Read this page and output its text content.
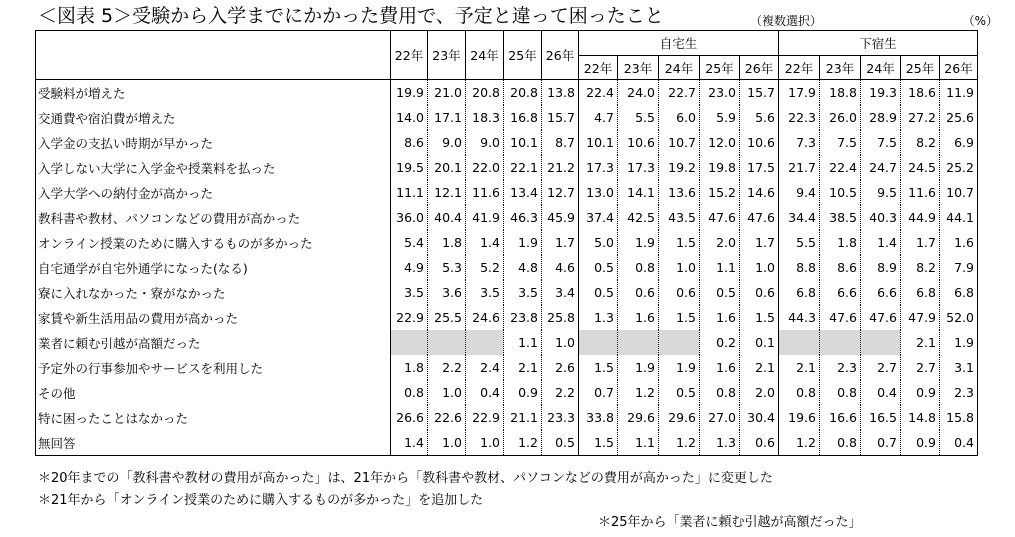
＜図表 5＞受験から入学までにかかった費用で、予定と違って困ったこと	（複数選択）	（%）
	22年	23年	24年	25年	26年	自宅生					下宿生				
						22年	23年	24年	25年	26年	22年	23年	24年	25年	26年
受験料が増えた	19.9	21.0	20.8	20.8	13.8	22.4	24.0	22.7	23.0	15.7	17.9	18.8	19.3	18.6	11.9
交通費や宿泊費が増えた	14.0	17.1	18.3	16.8	15.7	4.7	5.5	6.0	5.9	5.6	22.3	26.0	28.9	27.2	25.6
入学金の支払い時期が早かった	8.6	9.0	9.0	10.1	8.7	10.1	10.6	10.7	12.0	10.6	7.3	7.5	7.5	8.2	6.9
入学しない大学に入学金や授業料を払った	19.5	20.1	22.0	22.1	21.2	17.3	17.3	19.2	19.8	17.5	21.7	22.4	24.7	24.5	25.2
入学大学への納付金が高かった	11.1	12.1	11.6	13.4	12.7	13.0	14.1	13.6	15.2	14.6	9.4	10.5	9.5	11.6	10.7
教科書や教材、パソコンなどの費用が高かった	36.0	40.4	41.9	46.3	45.9	37.4	42.5	43.5	47.6	47.6	34.4	38.5	40.3	44.9	44.1
オンライン授業のために購入するものが多かった	5.4	1.8	1.4	1.9	1.7	5.0	1.9	1.5	2.0	1.7	5.5	1.8	1.4	1.7	1.6
自宅通学が自宅外通学になった(なる)	4.9	5.3	5.2	4.8	4.6	0.5	0.8	1.0	1.1	1.0	8.8	8.6	8.9	8.2	7.9
寮に入れなかった・寮がなかった	3.5	3.6	3.5	3.5	3.4	0.5	0.6	0.6	0.5	0.6	6.8	6.6	6.6	6.8	6.8
家賃や新生活用品の費用が高かった	22.9	25.5	24.6	23.8	25.8	1.3	1.6	1.5	1.6	1.5	44.3	47.6	47.6	47.9	52.0
業者に頼む引越が高額だった				1.1	1.0				0.2	0.1				2.1	1.9
予定外の行事参加やサービスを利用した	1.8	2.2	2.4	2.1	2.6	1.5	1.9	1.9	1.6	2.1	2.1	2.3	2.7	2.7	3.1
その他	0.8	1.0	0.4	0.9	2.2	0.7	1.2	0.5	0.8	2.0	0.8	0.8	0.4	0.9	2.3
特に困ったことはなかった	26.6	22.6	22.9	21.1	23.3	33.8	29.6	29.6	27.0	30.4	19.6	16.6	16.5	14.8	15.8
無回答	1.4	1.0	1.0	1.2	0.5	1.5	1.1	1.2	1.3	0.6	1.2	0.8	0.7	0.9	0.4
＊20年までの「教科書や教材の費用が高かった」は、21年から「教科書や教材、パソコンなどの費用が高かった」に変更した
＊21年から「オンライン授業のために購入するものが多かった」を追加した
＊25年から「業者に頼む引越が高額だった」
